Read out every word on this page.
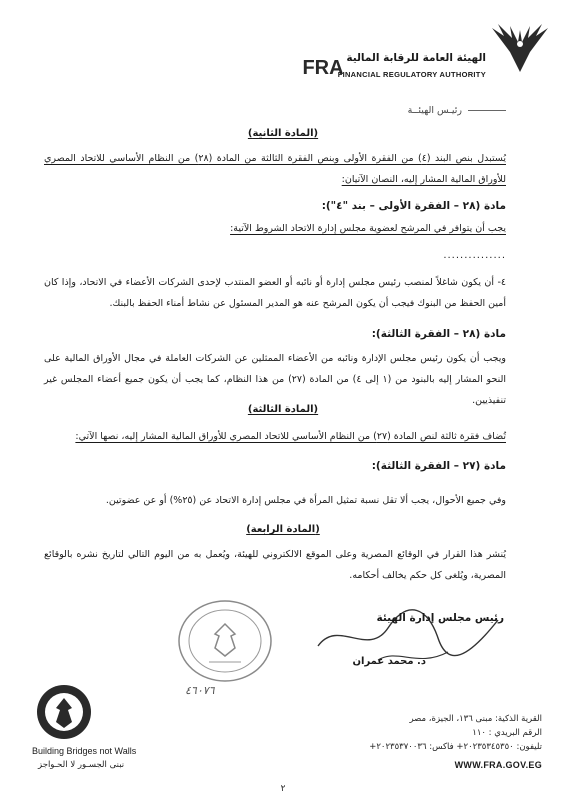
FRA الهيئة العامة للرقابة المالية
FINANCIAL REGULATORY AUTHORITY
رئيـس الهيئــة
(المادة الثانية)
يُستبدل بنص البند (٤) من الفقرة الأولى وبنص الفقرة الثالثة من المادة (٢٨) من النظام الأساسي للاتحاد المصري للأوراق المالية المشار إليه، النصان الآتيان:
مادة (٢٨ – الفقرة الأولى – بند "٤"):
يجب أن يتوافر في المرشح لعضوية مجلس إدارة الاتحاد الشروط الآتية:
...............
٤- أن يكون شاغلاً لمنصب رئيس مجلس إدارة أو نائبه أو العضو المنتدب لإحدى الشركات الأعضاء في الاتحاد، وإذا كان أمين الحفظ من البنوك فيجب أن يكون المرشح عنه هو المدير المسئول عن نشاط أمناء الحفظ بالبنك.
مادة (٢٨ – الفقرة الثالثة):
ويجب أن يكون رئيس مجلس الإدارة ونائبه من الأعضاء الممثلين عن الشركات العاملة في مجال الأوراق المالية على النحو المشار إليه بالبنود من (١ إلى ٤) من المادة (٢٧) من هذا النظام، كما يجب أن يكون جميع أعضاء المجلس غير تنفيذيين.
(المادة الثالثة)
تُضاف فقرة ثالثة لنص المادة (٢٧) من النظام الأساسي للاتحاد المصري للأوراق المالية المشار إليه، نصها الآتي:
مادة (٢٧ – الفقرة الثالثة):
وفي جميع الأحوال، يجب ألا تقل نسبة تمثيل المرأة في مجلس إدارة الاتحاد عن (٢٥%) أو عن عضوتين.
(المادة الرابعة)
يُنشر هذا القرار في الوقائع المصرية وعلى الموقع الالكتروني للهيئة، ويُعمل به من اليوم التالي لتاريخ نشره بالوقائع المصرية، ويُلغى كل حكم يخالف أحكامه.
رئيس مجلس إدارة الهيئة
د. محمد عمران
٤٦٠٧٦
Building Bridges not Walls
نبنى الجسـور لا الحـواجز
القرية الذكية: مبنى ١٣٦، الجيزة، مصر
الرقم البريدي : ١١٠
تليفون: ٢٠٢٣٥٣٤٥٣٥٠+ فاكس: ٢٠٢٣٥٣٧٠٠٣٦+
WWW.FRA.GOV.EG
٢
